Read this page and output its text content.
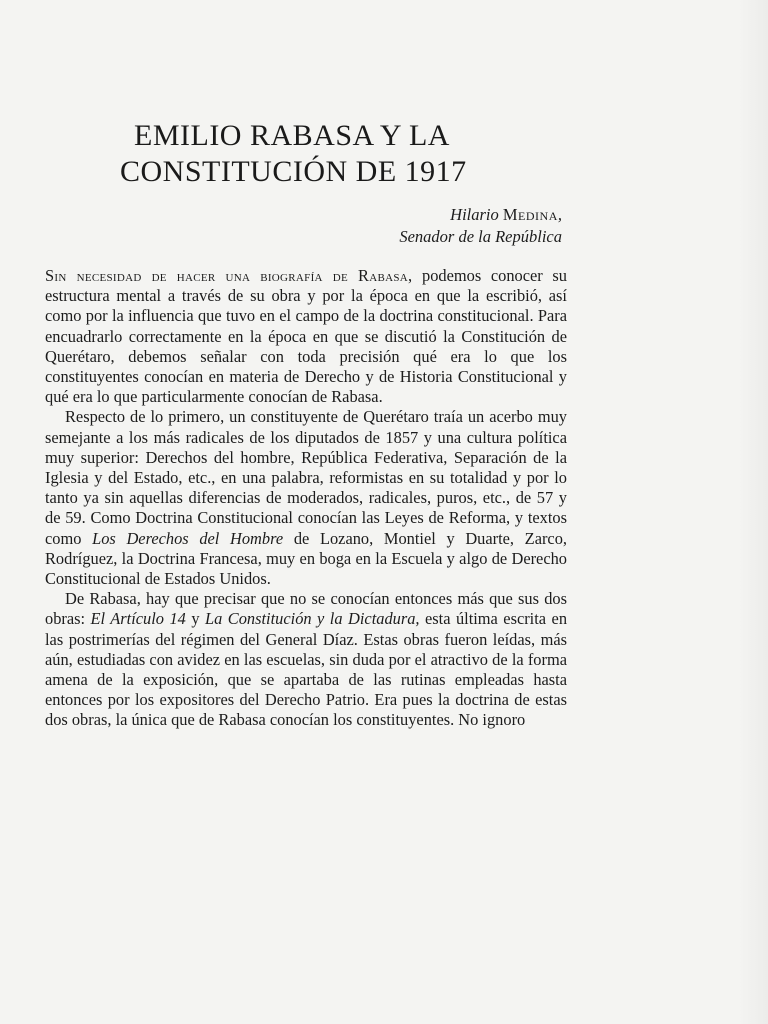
EMILIO RABASA Y LA
CONSTITUCIÓN DE 1917
Hilario Medina,
Senador de la República

Sin necesidad de hacer una biografía de Rabasa, podemos conocer su estructura mental a través de su obra y por la época en que la escribió, así como por la influencia que tuvo en el campo de la doctrina constitucional. Para encuadrarlo correctamente en la época en que se discutió la Constitución de Querétaro, debemos señalar con toda precisión qué era lo que los constituyentes conocían en materia de Derecho y de Historia Constitucional y qué era lo que particularmente conocían de Rabasa.

Respecto de lo primero, un constituyente de Querétaro traía un acerbo muy semejante a los más radicales de los diputados de 1857 y una cultura política muy superior: Derechos del hombre, República Federativa, Separación de la Iglesia y del Estado, etc., en una palabra, reformistas en su totalidad y por lo tanto ya sin aquellas diferencias de moderados, radicales, puros, etc., de 57 y de 59. Como Doctrina Constitucional conocían las Leyes de Reforma, y textos como Los Derechos del Hombre de Lozano, Montiel y Duarte, Zarco, Rodríguez, la Doctrina Francesa, muy en boga en la Escuela y algo de Derecho Constitucional de Estados Unidos.

De Rabasa, hay que precisar que no se conocían entonces más que sus dos obras: El Artículo 14 y La Constitución y la Dictadura, esta última escrita en las postrimerías del régimen del General Díaz. Estas obras fueron leídas, más aún, estudiadas con avidez en las escuelas, sin duda por el atractivo de la forma amena de la exposición, que se apartaba de las rutinas empleadas hasta entonces por los expositores del Derecho Patrio. Era pues la doctrina de estas dos obras, la única que de Rabasa conocían los constituyentes. No ignoro
